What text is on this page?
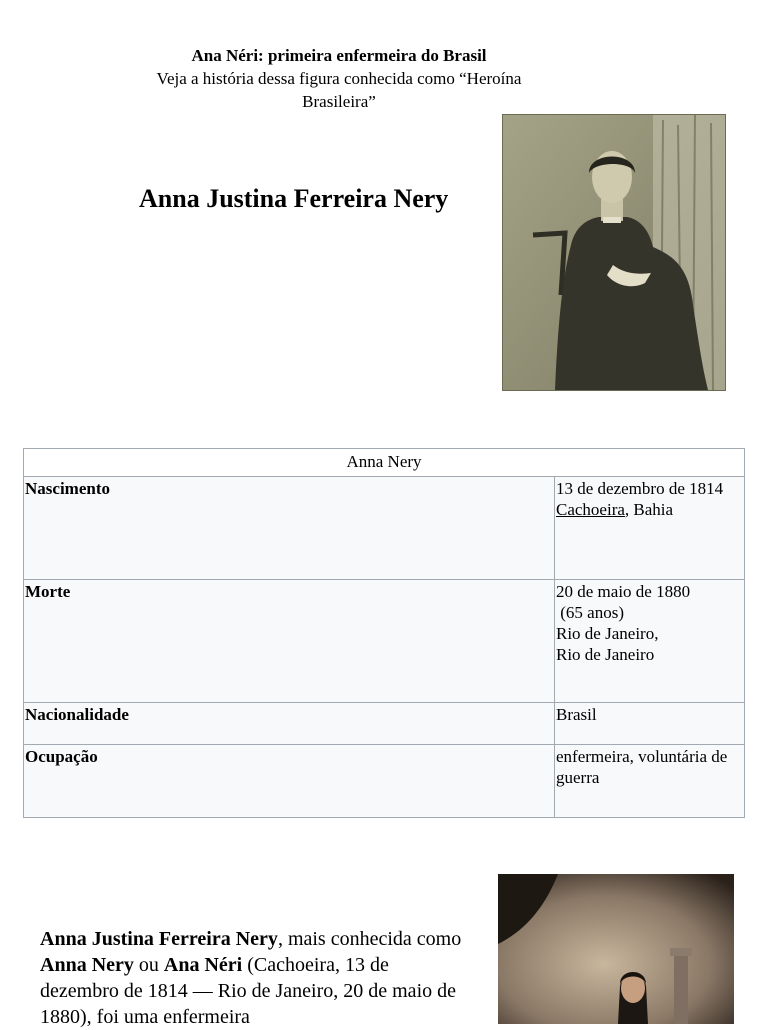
Ana Néri: primeira enfermeira do Brasil
Veja a história dessa figura conhecida como “Heroína Brasileira”
Anna Justina Ferreira Nery
Anna Nery	
Nascimento	13 de dezembro de 1814
Cachoeira, Bahia
Morte	20 de maio de 1880
(65 anos)
Rio de Janeiro,
Rio de Janeiro
Nacionalidade	Brasil
Ocupação	enfermeira, voluntária de guerra
Anna Justina Ferreira Nery, mais conhecida como Anna Nery ou Ana Néri (Cachoeira, 13 de dezembro de 1814 — Rio de Janeiro, 20 de maio de 1880), foi uma enfermeira
